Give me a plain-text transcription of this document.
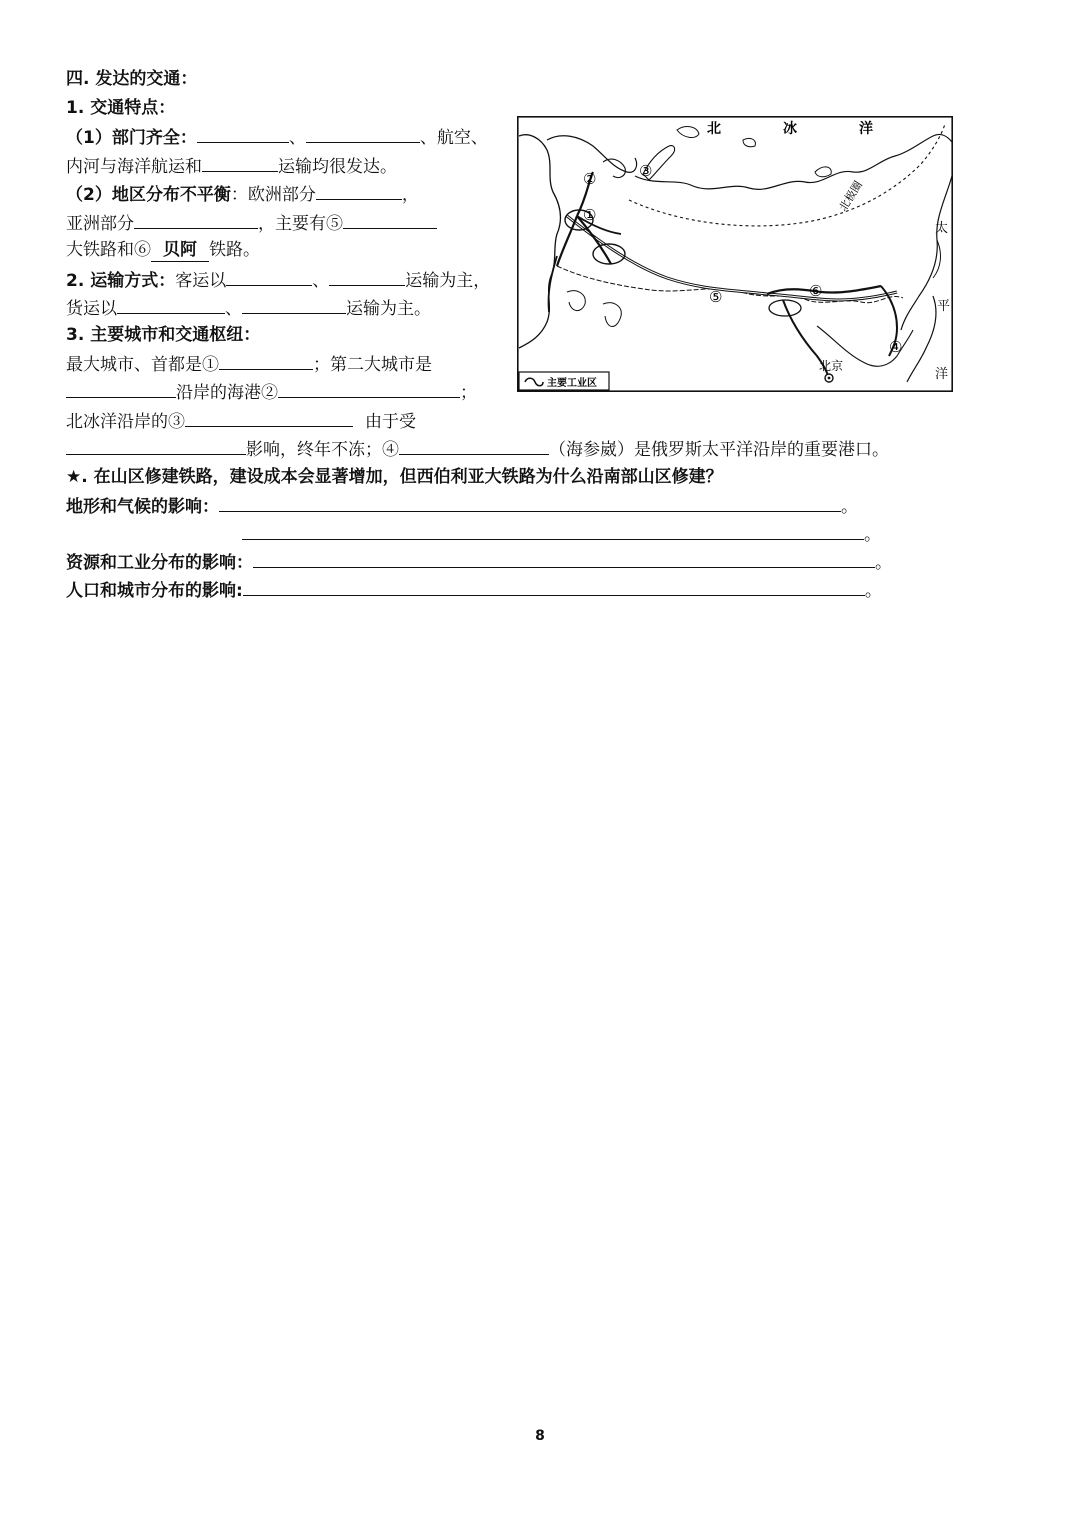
四. 发达的交通：
1. 交通特点：
（1）部门齐全：	、	、航空、
内河与海洋航运和	运输均很发达。
（2）地区分布不平衡：欧洲部分	，
亚洲部分	，主要有⑤
大铁路和⑥ 贝阿 铁路。
2. 运输方式：客运以	、	运输为主，
货运以	、	运输为主。
3. 主要城市和交通枢纽：
最大城市、首都是①	；第二大城市是
沿岸的海港②	；
北冰洋沿岸的③	由于受
影响，终年不冻；④	（海参崴）是俄罗斯太平洋沿岸的重要港口。
★. 在山区修建铁路，建设成本会显著增加，但西伯利亚大铁路为什么沿南部山区修建？
地形和气候的影响：	。
。
资源和工业分布的影响：	。
人口和城市分布的影响:	。
北	冰	洋
北极圈
太
平
洋
北京
①
②	③
④
⑤	⑥
主要工业区
8
